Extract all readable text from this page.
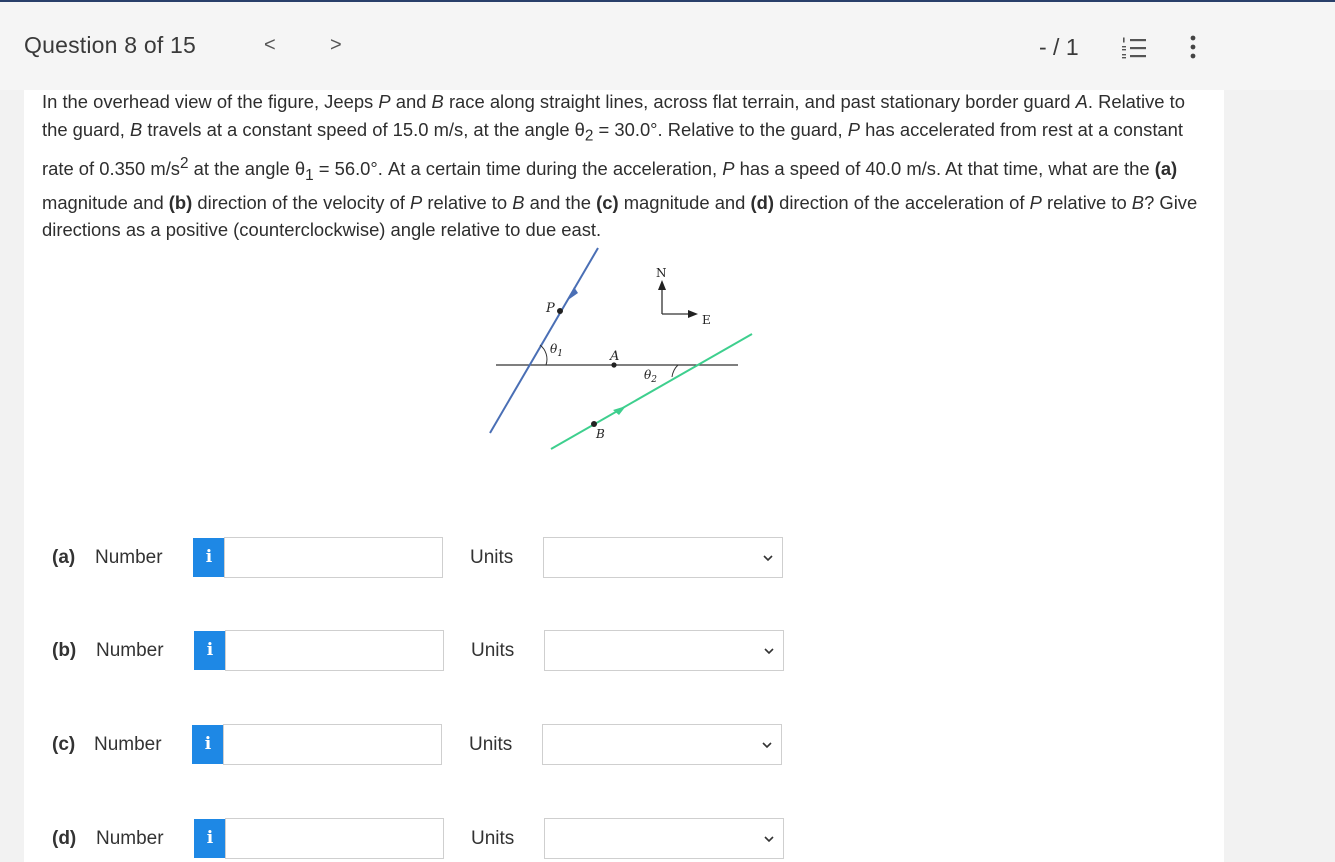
Question 8 of 15	<	>	- / 1
In the overhead view of the figure, Jeeps P and B race along straight lines, across flat terrain, and past stationary border guard A. Relative to the guard, B travels at a constant speed of 15.0 m/s, at the angle $\theta_2 = 30.0^\circ$. Relative to the guard, P has accelerated from rest at a constant rate of 0.350 $m/s^2$ at the angle $\theta_1 = 56.0^\circ$. At a certain time during the acceleration, P has a speed of 40.0 m/s. At that time, what are the (a) magnitude and (b) direction of the velocity of P relative to B and the (c) magnitude and (d) direction of the acceleration of P relative to B? Give directions as a positive (counterclockwise) angle relative to due east.
P
$\theta_1$	A
B
$\theta_2$
N
E
(a) Number	i	Units
(b) Number	i	Units
(c) Number	i	Units
(d) Number	i	Units
